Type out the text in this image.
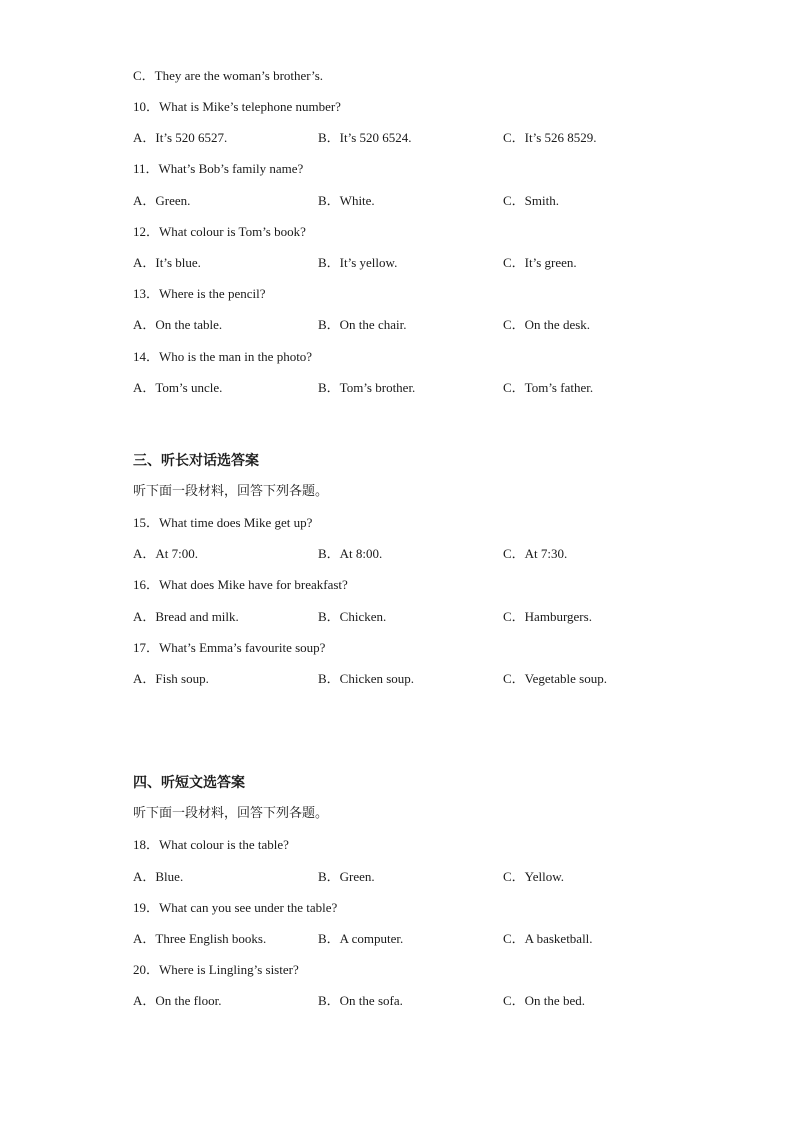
C．They are the woman’s brother’s.
10．What is Mike’s telephone number?
A．It’s 520 6527.	B．It’s 520 6524.	C．It’s 526 8529.
11．What’s Bob’s family name?
A．Green.	B．White.	C．Smith.
12．What colour is Tom’s book?
A．It’s blue.	B．It’s yellow.	C．It’s green.
13．Where is the pencil?
A．On the table.	B．On the chair.	C．On the desk.
14．Who is the man in the photo?
A．Tom’s uncle.	B．Tom’s brother.	C．Tom’s father.
三、听长对话选答案
听下面一段材料，回答下列各题。
15．What time does Mike get up?
A．At 7:00.	B．At 8:00.	C．At 7:30.
16．What does Mike have for breakfast?
A．Bread and milk.	B．Chicken.	C．Hamburgers.
17．What’s Emma’s favourite soup?
A．Fish soup.	B．Chicken soup.	C．Vegetable soup.
四、听短文选答案
听下面一段材料，回答下列各题。
18．What colour is the table?
A．Blue.	B．Green.	C．Yellow.
19．What can you see under the table?
A．Three English books.	B．A computer.	C．A basketball.
20．Where is Lingling’s sister?
A．On the floor.	B．On the sofa.	C．On the bed.
